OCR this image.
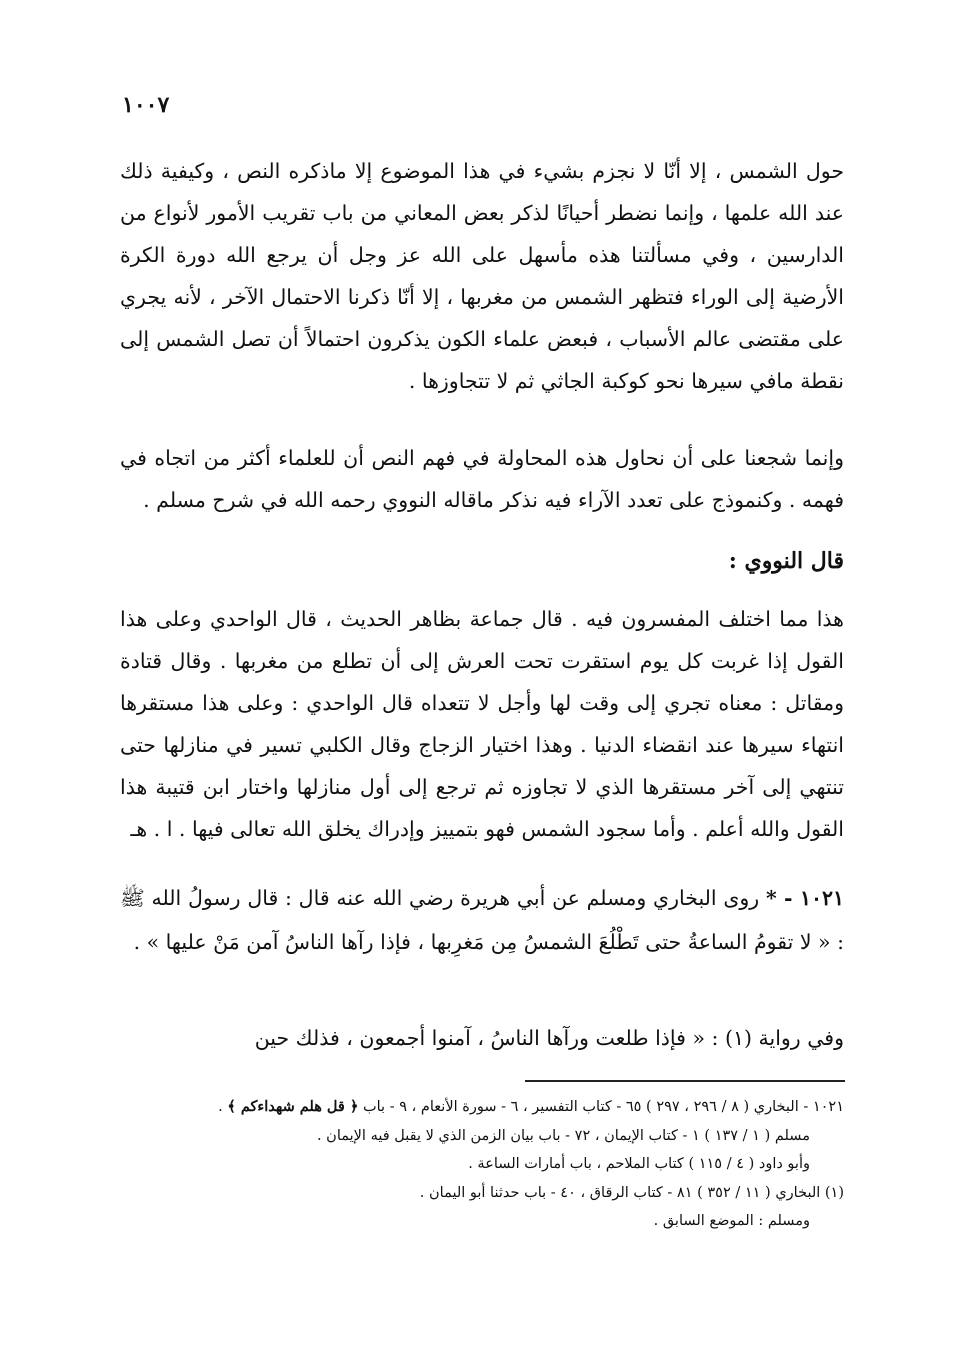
١٠٠٧

حول الشمس ، إلا أنّا لا نجزم بشيء في هذا الموضوع إلا ماذكره النص ، وكيفية ذلك عند الله علمها ، وإنما نضطر أحيانًا لذكر بعض المعاني من باب تقريب الأمور لأنواع من الدارسين ، وفي مسألتنا هذه مأسهل على الله عز وجل أن يرجع الله دورة الكرة الأرضية إلى الوراء فتظهر الشمس من مغربها ، إلا أنّا ذكرنا الاحتمال الآخر ، لأنه يجري على مقتضى عالم الأسباب ، فبعض علماء الكون يذكرون احتمالاً أن تصل الشمس إلى نقطة مافي سيرها نحو كوكبة الجاثي ثم لا تتجاوزها .

وإنما شجعنا على أن نحاول هذه المحاولة في فهم النص أن للعلماء أكثر من اتجاه في فهمه . وكنموذج على تعدد الآراء فيه نذكر ماقاله النووي رحمه الله في شرح مسلم .

قال النووي :

هذا مما اختلف المفسرون فيه . قال جماعة بظاهر الحديث ، قال الواحدي وعلى هذا القول إذا غربت كل يوم استقرت تحت العرش إلى أن تطلع من مغربها . وقال قتادة ومقاتل : معناه تجري إلى وقت لها وأجل لا تتعداه قال الواحدي : وعلى هذا مستقرها انتهاء سيرها عند انقضاء الدنيا . وهذا اختيار الزجاج وقال الكلبي تسير في منازلها حتى تنتهي إلى آخر مستقرها الذي لا تجاوزه ثم ترجع إلى أول منازلها واختار ابن قتيبة هذا القول والله أعلم . وأما سجود الشمس فهو بتمييز وإدراك يخلق الله تعالى فيها . ا . هـ

١٠٢١ - * روى البخاري ومسلم عن أبي هريرة رضي الله عنه قال : قال رسولُ الله ﷺ : « لا تقومُ الساعةُ حتى تَطْلُعَ الشمسُ مِن مَغرِبها ، فإذا رآها الناسُ آمن مَنْ عليها » .

وفي رواية (١) : « فإذا طلعت ورآها الناسُ ، آمنوا أجمعون ، فذلك حين

١٠٢١ - البخاري ( ٨ / ٢٩٦ ، ٢٩٧ ) ٦٥ - كتاب التفسير ، ٦ - سورة الأنعام ، ٩ - باب ﴿ قل هلم شهداءكم ﴾ .
مسلم ( ١ / ١٣٧ ) ١ - كتاب الإيمان ، ٧٢ - باب بيان الزمن الذي لا يقبل فيه الإيمان .
وأبو داود ( ٤ / ١١٥ ) كتاب الملاحم ، باب أمارات الساعة .
(١) البخاري ( ١١ / ٣٥٢ ) ٨١ - كتاب الرقاق ، ٤٠ - باب حدثنا أبو اليمان .
ومسلم : الموضع السابق .
